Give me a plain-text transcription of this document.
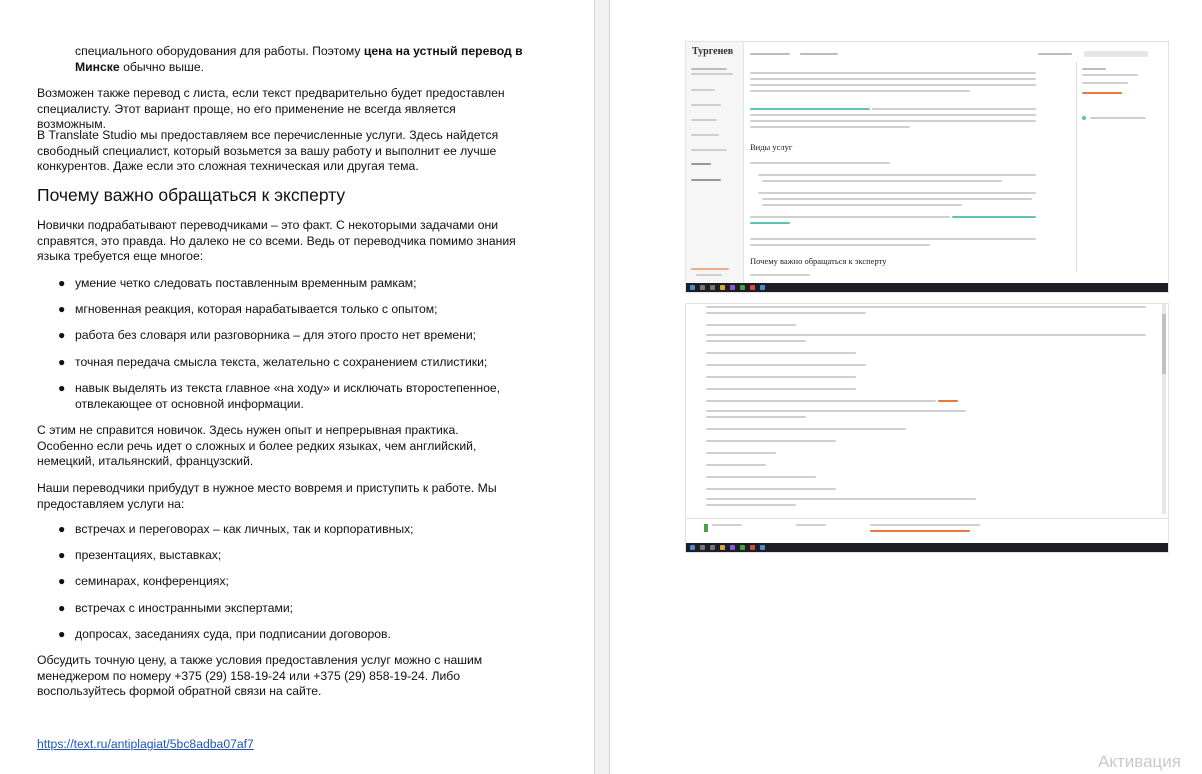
специального оборудования для работы. Поэтому цена на устный перевод в Минске обычно выше.

Возможен также перевод с листа, если текст предварительно будет предоставлен специалисту. Этот вариант проще, но его применение не всегда является возможным.

В Translate Studio мы предоставляем все перечисленные услуги. Здесь найдется свободный специалист, который возьмется за вашу работу и выполнит ее лучше конкурентов. Даже если это сложная техническая или другая тема.

Почему важно обращаться к эксперту

Новички подрабатывают переводчиками – это факт. С некоторыми задачами они справятся, это правда. Но далеко не со всеми. Ведь от переводчика помимо знания языка требуется еще многое:

● умение четко следовать поставленным временным рамкам;
● мгновенная реакция, которая нарабатывается только с опытом;
● работа без словаря или разговорника – для этого просто нет времени;
● точная передача смысла текста, желательно с сохранением стилистики;
● навык выделять из текста главное «на ходу» и исключать второстепенное, отвлекающее от основной информации.

С этим не справится новичок. Здесь нужен опыт и непрерывная практика. Особенно если речь идет о сложных и более редких языках, чем английский, немецкий, итальянский, французский.

Наши переводчики прибудут в нужное место вовремя и приступить к работе. Мы предоставляем услуги на:

● встречах и переговорах – как личных, так и корпоративных;
● презентациях, выставках;
● семинарах, конференциях;
● встречах с иностранными экспертами;
● допросах, заседаниях суда, при подписании договоров.

Обсудить точную цену, а также условия предоставления услуг можно с нашим менеджером по номеру +375 (29) 158-19-24 или +375 (29) 858-19-24. Либо воспользуйтесь формой обратной связи на сайте.

https://text.ru/antiplagiat/5bc8adba07af7
Тургенев
Виды услуг
Почему важно обращаться к эксперту
Активация
